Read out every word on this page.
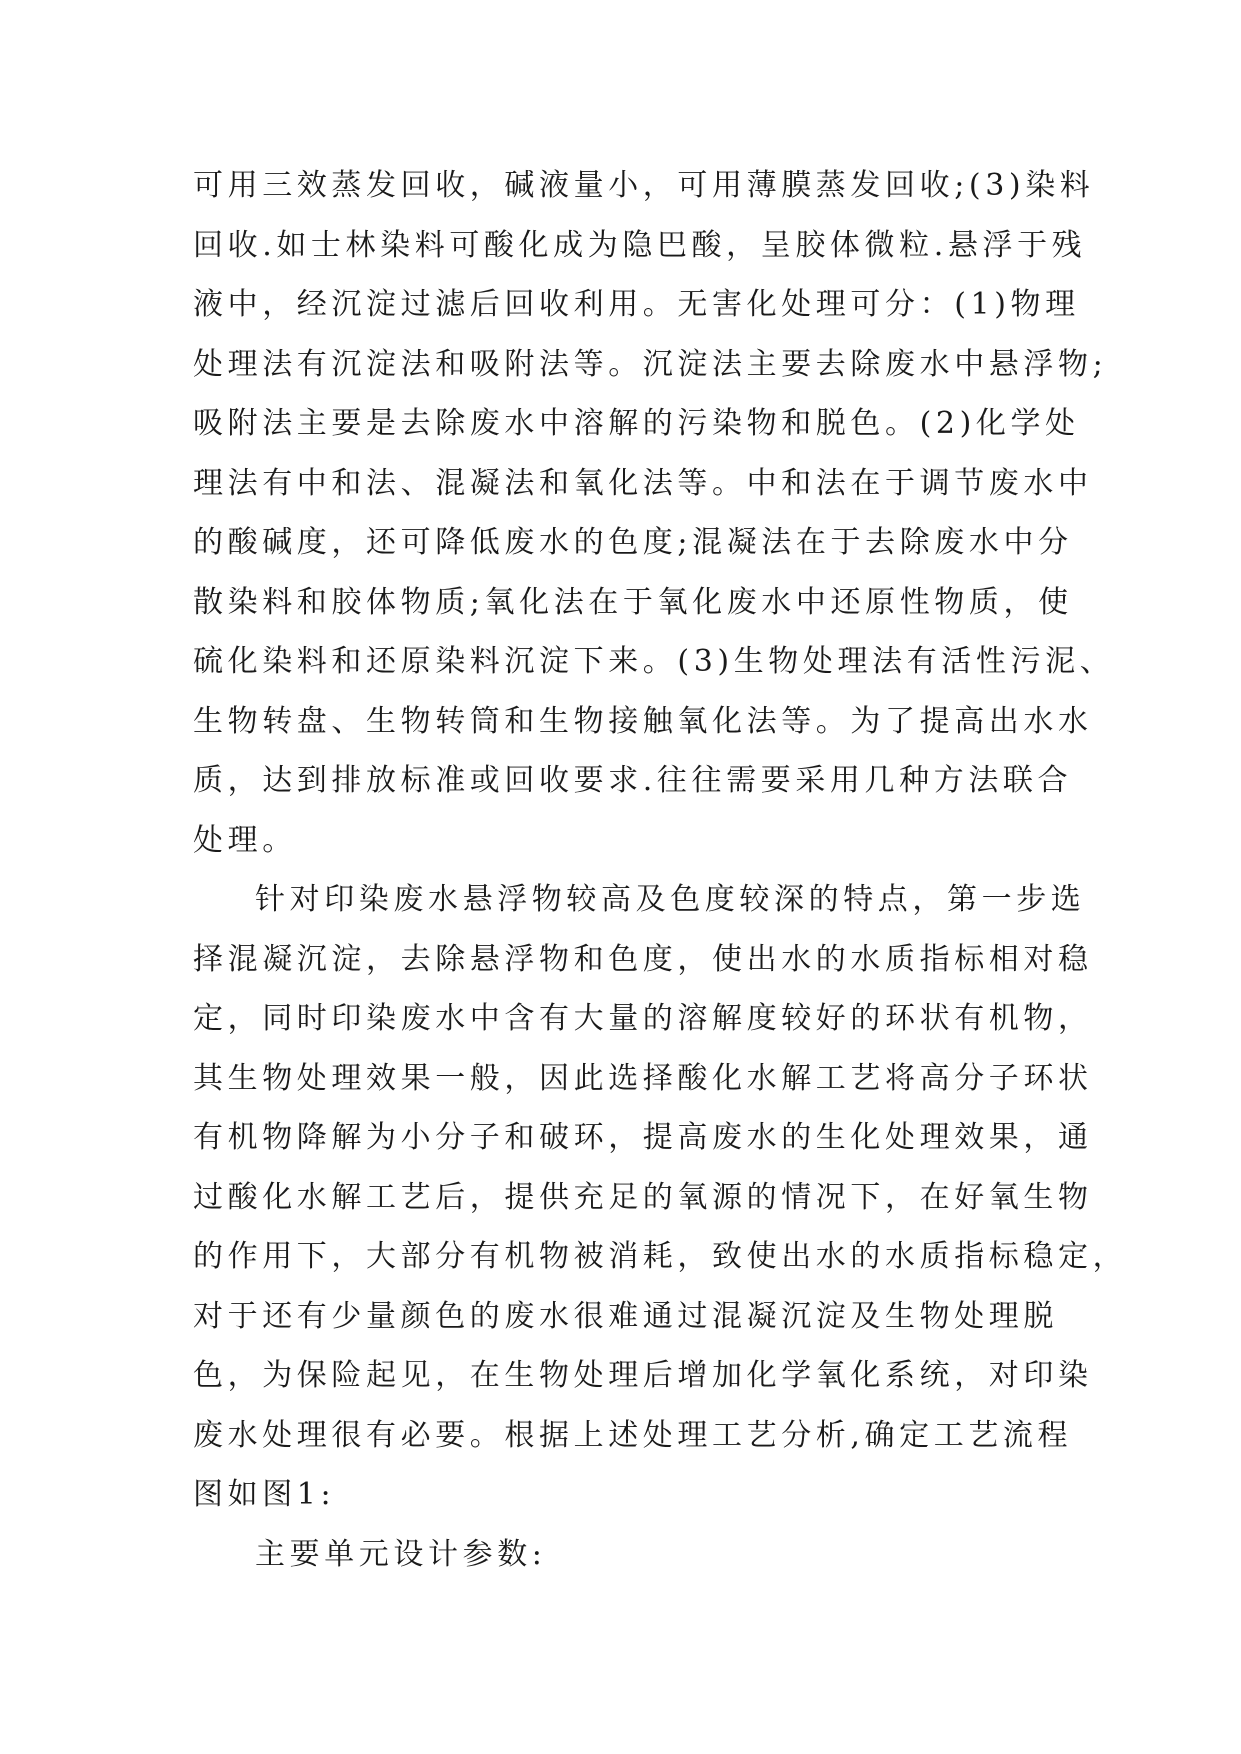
可用三效蒸发回收，碱液量小，可用薄膜蒸发回收;(3)染料
回收.如士林染料可酸化成为隐巴酸，呈胶体微粒.悬浮于残
液中，经沉淀过滤后回收利用。无害化处理可分：(1)物理
处理法有沉淀法和吸附法等。沉淀法主要去除废水中悬浮物;
吸附法主要是去除废水中溶解的污染物和脱色。(2)化学处
理法有中和法、混凝法和氧化法等。中和法在于调节废水中
的酸碱度，还可降低废水的色度;混凝法在于去除废水中分
散染料和胶体物质;氧化法在于氧化废水中还原性物质，使
硫化染料和还原染料沉淀下来。(3)生物处理法有活性污泥、
生物转盘、生物转筒和生物接触氧化法等。为了提高出水水
质，达到排放标准或回收要求.往往需要采用几种方法联合
处理。
针对印染废水悬浮物较高及色度较深的特点，第一步选
择混凝沉淀，去除悬浮物和色度，使出水的水质指标相对稳
定，同时印染废水中含有大量的溶解度较好的环状有机物，
其生物处理效果一般，因此选择酸化水解工艺将高分子环状
有机物降解为小分子和破环，提高废水的生化处理效果，通
过酸化水解工艺后，提供充足的氧源的情况下，在好氧生物
的作用下，大部分有机物被消耗，致使出水的水质指标稳定，
对于还有少量颜色的废水很难通过混凝沉淀及生物处理脱
色，为保险起见，在生物处理后增加化学氧化系统，对印染
废水处理很有必要。根据上述处理工艺分析,确定工艺流程
图如图1:
主要单元设计参数:
